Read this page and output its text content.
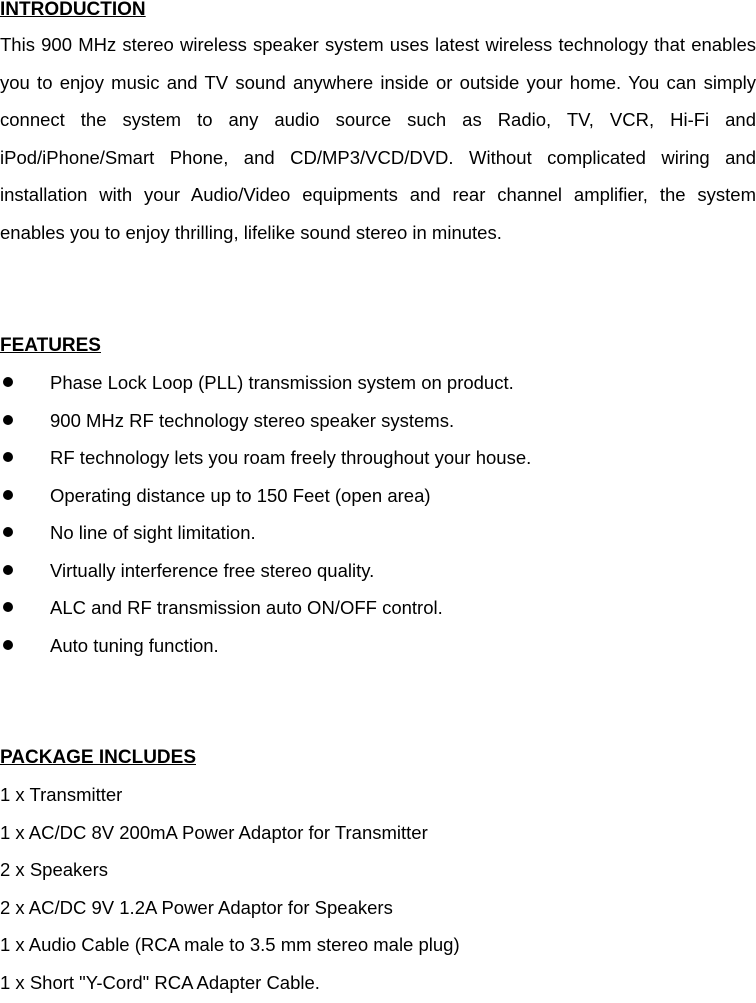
INTRODUCTION

This 900 MHz stereo wireless speaker system uses latest wireless technology that enables you to enjoy music and TV sound anywhere inside or outside your home. You can simply connect the system to any audio source such as Radio, TV, VCR, Hi-Fi and iPod/iPhone/Smart Phone, and CD/MP3/VCD/DVD. Without complicated wiring and installation with your Audio/Video equipments and rear channel amplifier, the system enables you to enjoy thrilling, lifelike sound stereo in minutes.

FEATURES
Phase Lock Loop (PLL) transmission system on product.
900 MHz RF technology stereo speaker systems.
RF technology lets you roam freely throughout your house.
Operating distance up to 150 Feet (open area)
No line of sight limitation.
Virtually interference free stereo quality.
ALC and RF transmission auto ON/OFF control.
Auto tuning function.
PACKAGE INCLUDES
1 x Transmitter
1 x AC/DC 8V 200mA Power Adaptor for Transmitter
2 x Speakers
2 x AC/DC 9V 1.2A Power Adaptor for Speakers
1 x Audio Cable (RCA male to 3.5 mm stereo male plug)
1 x Short "Y-Cord" RCA Adapter Cable.
